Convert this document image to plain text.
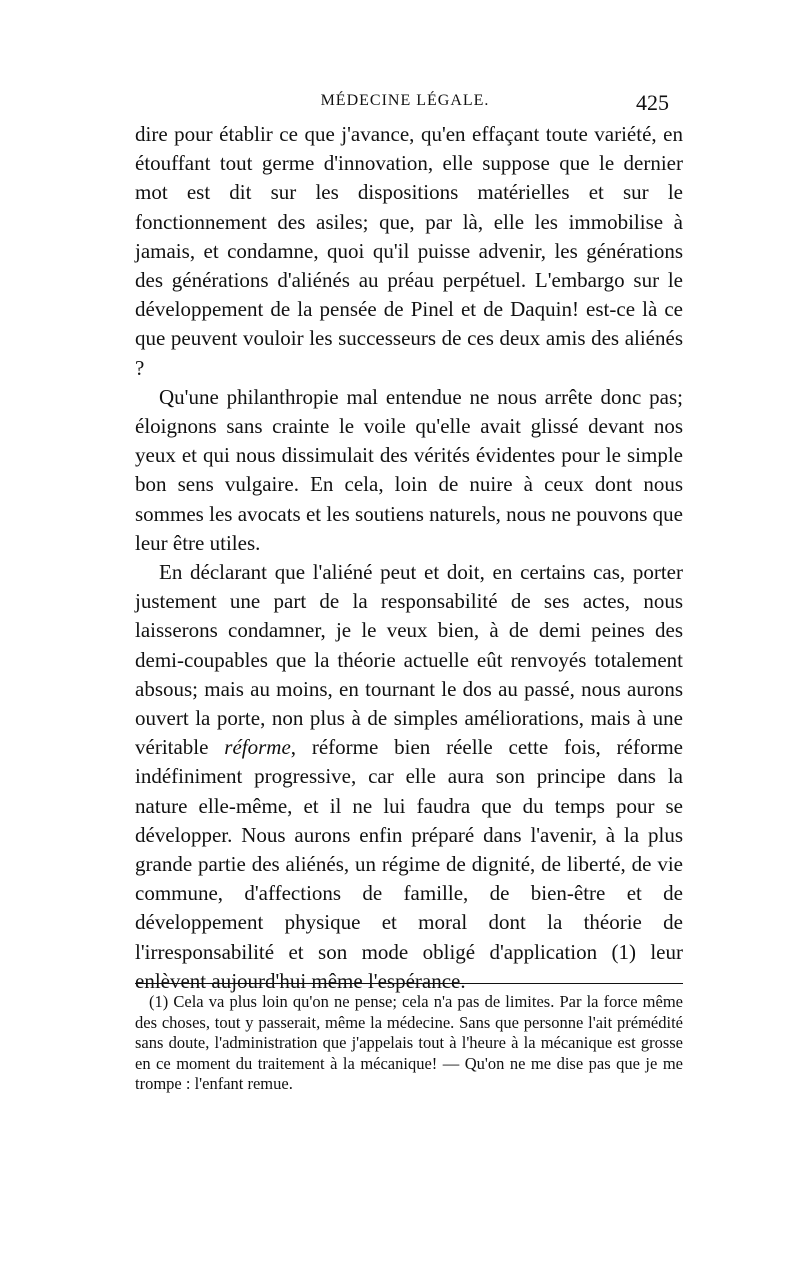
MÉDECINE LÉGALE.	425

dire pour établir ce que j'avance, qu'en effaçant toute variété, en étouffant tout germe d'innovation, elle suppose que le dernier mot est dit sur les dispositions matérielles et sur le fonctionnement des asiles; que, par là, elle les immobilise à jamais, et condamne, quoi qu'il puisse advenir, les générations des générations d'aliénés au préau perpétuel. L'embargo sur le développement de la pensée de Pinel et de Daquin! est-ce là ce que peuvent vouloir les successeurs de ces deux amis des aliénés ?

Qu'une philanthropie mal entendue ne nous arrête donc pas; éloignons sans crainte le voile qu'elle avait glissé devant nos yeux et qui nous dissimulait des vérités évidentes pour le simple bon sens vulgaire. En cela, loin de nuire à ceux dont nous sommes les avocats et les soutiens naturels, nous ne pouvons que leur être utiles.

En déclarant que l'aliéné peut et doit, en certains cas, porter justement une part de la responsabilité de ses actes, nous laisserons condamner, je le veux bien, à de demi peines des demi-coupables que la théorie actuelle eût renvoyés totalement absous; mais au moins, en tournant le dos au passé, nous aurons ouvert la porte, non plus à de simples améliorations, mais à une véritable réforme, réforme bien réelle cette fois, réforme indéfiniment progressive, car elle aura son principe dans la nature elle-même, et il ne lui faudra que du temps pour se développer. Nous aurons enfin préparé dans l'avenir, à la plus grande partie des aliénés, un régime de dignité, de liberté, de vie commune, d'affections de famille, de bien-être et de développement physique et moral dont la théorie de l'irresponsabilité et son mode obligé d'application (1) leur enlèvent aujourd'hui même l'espérance.

(1) Cela va plus loin qu'on ne pense; cela n'a pas de limites. Par la force même des choses, tout y passerait, même la médecine. Sans que personne l'ait prémédité sans doute, l'administration que j'appelais tout à l'heure à la mécanique est grosse en ce moment du traitement à la mécanique! — Qu'on ne me dise pas que je me trompe : l'enfant remue.
